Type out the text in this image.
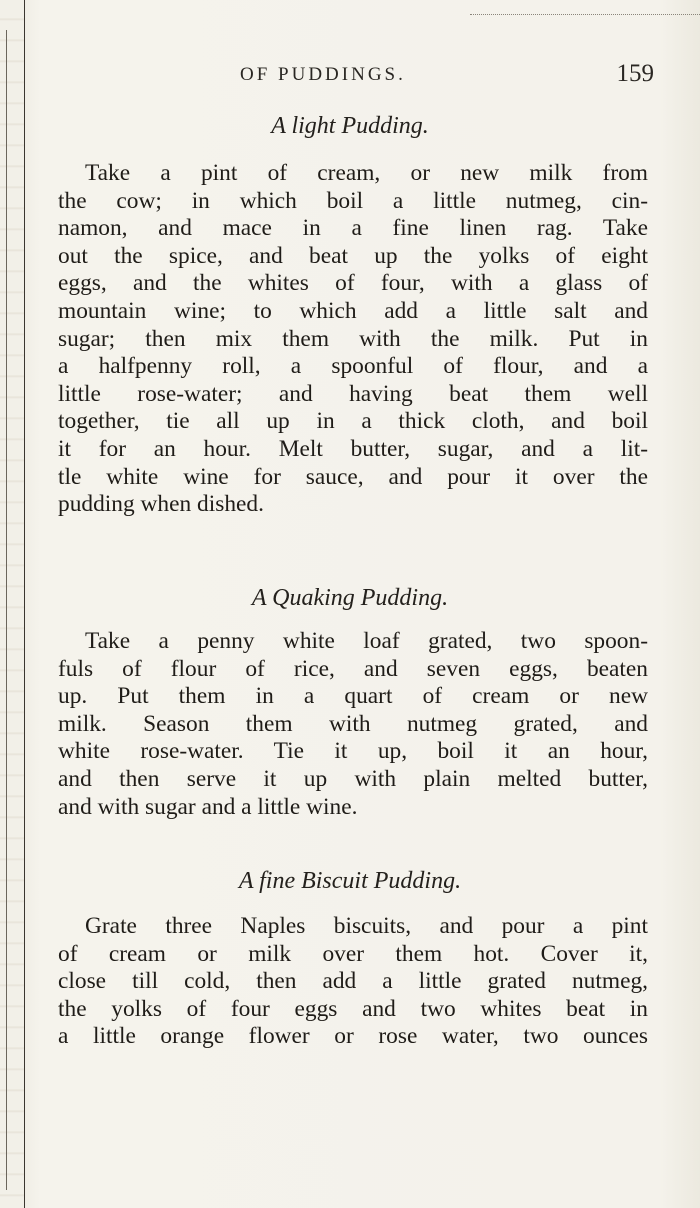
OF PUDDINGS.	159
A light Pudding.
Take a pint of cream, or new milk from
the cow; in which boil a little nutmeg, cin-
namon, and mace in a fine linen rag. Take
out the spice, and beat up the yolks of eight
eggs, and the whites of four, with a glass of
mountain wine; to which add a little salt and
sugar; then mix them with the milk. Put in
a halfpenny roll, a spoonful of flour, and a
little rose-water; and having beat them well
together, tie all up in a thick cloth, and boil
it for an hour. Melt butter, sugar, and a lit-
tle white wine for sauce, and pour it over the
pudding when dished.
A Quaking Pudding.
Take a penny white loaf grated, two spoon-
fuls of flour of rice, and seven eggs, beaten
up. Put them in a quart of cream or new
milk. Season them with nutmeg grated, and
white rose-water. Tie it up, boil it an hour,
and then serve it up with plain melted butter,
and with sugar and a little wine.
A fine Biscuit Pudding.
Grate three Naples biscuits, and pour a pint
of cream or milk over them hot. Cover it,
close till cold, then add a little grated nutmeg,
the yolks of four eggs and two whites beat in
a little orange flower or rose water, two ounces
